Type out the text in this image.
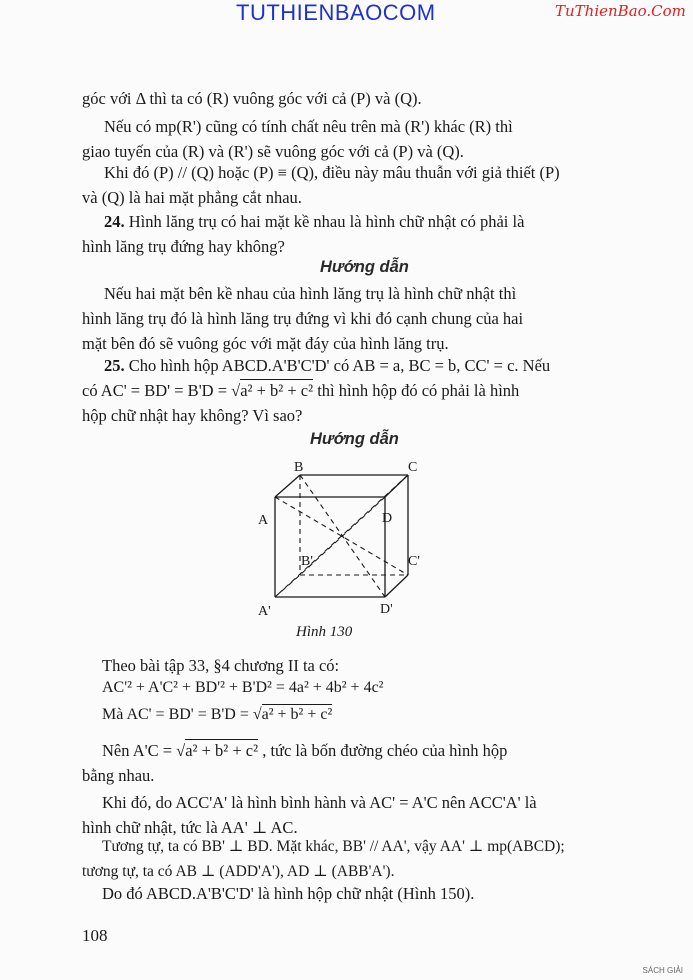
TUTHIENBAOCOM	TuThienBao.Com
góc với Δ thì ta có (R) vuông góc với cả (P) và (Q).
Nếu có mp(R') cũng có tính chất nêu trên mà (R') khác (R) thì
giao tuyến của (R) và (R') sẽ vuông góc với cả (P) và (Q).
Khi đó (P) // (Q) hoặc (P) ≡ (Q), điều này mâu thuẫn với giả thiết (P)
và (Q) là hai mặt phẳng cắt nhau.
24. Hình lăng trụ có hai mặt kề nhau là hình chữ nhật có phải là
hình lăng trụ đứng hay không?
Hướng dẫn
Nếu hai mặt bên kề nhau của hình lăng trụ là hình chữ nhật thì
hình lăng trụ đó là hình lăng trụ đứng vì khi đó cạnh chung của hai
mặt bên đó sẽ vuông góc với mặt đáy của hình lăng trụ.
25. Cho hình hộp ABCD.A'B'C'D' có AB = a, BC = b, CC' = c. Nếu
có AC' = BD' = B'D = √a² + b² + c² thì hình hộp đó có phải là hình
hộp chữ nhật hay không? Vì sao?
Hướng dẫn
B	C
A	D
B'	C'
A'	D'
Hình 130
Theo bài tập 33, §4 chương II ta có:
AC'² + A'C² + BD'² + B'D² = 4a² + 4b² + 4c²
Mà AC' = BD' = B'D = √a² + b² + c²
Nên A'C = √a² + b² + c² , tức là bốn đường chéo của hình hộp
bằng nhau.
Khi đó, do ACC'A' là hình bình hành và AC' = A'C nên ACC'A' là
hình chữ nhật, tức là AA' ⊥ AC.
Tương tự, ta có BB' ⊥ BD. Mặt khác, BB' // AA', vậy AA' ⊥ mp(ABCD);
tương tự, ta có AB ⊥ (ADD'A'), AD ⊥ (ABB'A').
Do đó ABCD.A'B'C'D' là hình hộp chữ nhật (Hình 150).
108
SÁCH GIẢI
